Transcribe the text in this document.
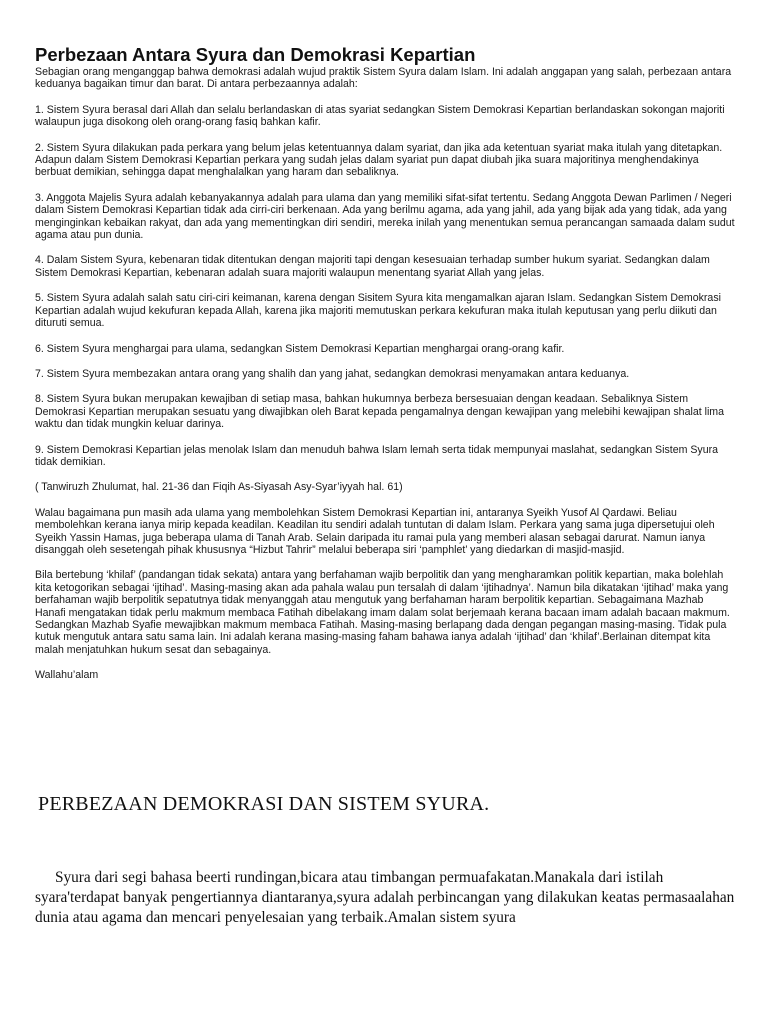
Perbezaan Antara Syura dan Demokrasi Kepartian

Sebagian orang menganggap bahwa demokrasi adalah wujud praktik Sistem Syura dalam Islam. Ini adalah anggapan yang salah, perbezaan antara keduanya bagaikan timur dan barat. Di antara perbezaannya adalah:

1. Sistem Syura berasal dari Allah dan selalu berlandaskan di atas syariat sedangkan Sistem Demokrasi Kepartian berlandaskan sokongan majoriti walaupun juga disokong oleh orang-orang fasiq bahkan kafir.

2. Sistem Syura dilakukan pada perkara yang belum jelas ketentuannya dalam syariat, dan jika ada ketentuan syariat maka itulah yang ditetapkan. Adapun dalam Sistem Demokrasi Kepartian perkara yang sudah jelas dalam syariat pun dapat diubah jika suara majoritinya menghendakinya berbuat demikian, sehingga dapat menghalalkan yang haram dan sebaliknya.

3. Anggota Majelis Syura adalah kebanyakannya adalah para ulama dan yang memiliki sifat-sifat tertentu. Sedang Anggota Dewan Parlimen / Negeri dalam Sistem Demokrasi Kepartian tidak ada cirri-ciri berkenaan. Ada yang berilmu agama, ada yang jahil, ada yang bijak ada yang tidak, ada yang menginginkan kebaikan rakyat, dan ada yang mementingkan diri sendiri, mereka inilah yang menentukan semua perancangan samaada dalam sudut agama atau pun dunia.

4. Dalam Sistem Syura, kebenaran tidak ditentukan dengan majoriti tapi dengan kesesuaian terhadap sumber hukum syariat. Sedangkan dalam Sistem Demokrasi Kepartian, kebenaran adalah suara majoriti walaupun menentang syariat Allah yang jelas.

5. Sistem Syura adalah salah satu ciri-ciri keimanan, karena dengan Sisitem Syura kita mengamalkan ajaran Islam. Sedangkan Sistem Demokrasi Kepartian adalah wujud kekufuran kepada Allah, karena jika majoriti memutuskan perkara kekufuran maka itulah keputusan yang perlu diikuti dan dituruti semua.

6. Sistem Syura menghargai para ulama, sedangkan Sistem Demokrasi Kepartian menghargai orang-orang kafir.

7. Sistem Syura membezakan antara orang yang shalih dan yang jahat, sedangkan demokrasi menyamakan antara keduanya.

8. Sistem Syura bukan merupakan kewajiban di setiap masa, bahkan hukumnya berbeza bersesuaian dengan keadaan. Sebaliknya Sistem Demokrasi Kepartian merupakan sesuatu yang diwajibkan oleh Barat kepada pengamalnya dengan kewajipan yang melebihi kewajipan shalat lima waktu dan tidak mungkin keluar darinya.

9. Sistem Demokrasi Kepartian jelas menolak Islam dan menuduh bahwa Islam lemah serta tidak mempunyai maslahat, sedangkan Sistem Syura tidak demikian.

( Tanwiruzh Zhulumat, hal. 21-36 dan Fiqih As-Siyasah Asy-Syar’iyyah hal. 61)

Walau bagaimana pun masih ada ulama yang membolehkan Sistem Demokrasi Kepartian ini, antaranya Syeikh Yusof Al Qardawi. Beliau membolehkan kerana ianya mirip kepada keadilan. Keadilan itu sendiri adalah tuntutan di dalam Islam. Perkara yang sama juga dipersetujui oleh Syeikh Yassin Hamas, juga beberapa ulama di Tanah Arab. Selain daripada itu ramai pula yang memberi alasan sebagai darurat. Namun ianya disanggah oleh sesetengah pihak khususnya “Hizbut Tahrir” melalui beberapa siri ‘pamphlet’ yang diedarkan di masjid-masjid.

Bila bertebung ‘khilaf’ (pandangan tidak sekata) antara yang berfahaman wajib berpolitik dan yang mengharamkan politik kepartian, maka bolehlah kita ketogorikan sebagai ‘ijtihad’. Masing-masing akan ada pahala walau pun tersalah di dalam ‘ijtihadnya’. Namun bila dikatakan ‘ijtihad’ maka yang berfahaman wajib berpolitik sepatutnya tidak menyanggah atau mengutuk yang berfahaman haram berpolitik kepartian. Sebagaimana Mazhab Hanafi mengatakan tidak perlu makmum membaca Fatihah dibelakang imam dalam solat berjemaah kerana bacaan imam adalah bacaan makmum. Sedangkan Mazhab Syafie mewajibkan makmum membaca Fatihah. Masing-masing berlapang dada dengan pegangan masing-masing. Tidak pula kutuk mengutuk antara satu sama lain. Ini adalah kerana masing-masing faham bahawa ianya adalah ‘ijtihad’ dan ‘khilaf’.Berlainan ditempat kita malah menjatuhkan hukum sesat dan sebagainya.

Wallahu’alam

PERBEZAAN DEMOKRASI DAN SISTEM SYURA.

Syura dari segi bahasa beerti rundingan,bicara atau timbangan permuafakatan.Manakala dari istilah syara'terdapat banyak pengertiannya diantaranya,syura adalah perbincangan yang dilakukan keatas permasaalahan dunia atau agama dan mencari penyelesaian yang terbaik.Amalan sistem syura
